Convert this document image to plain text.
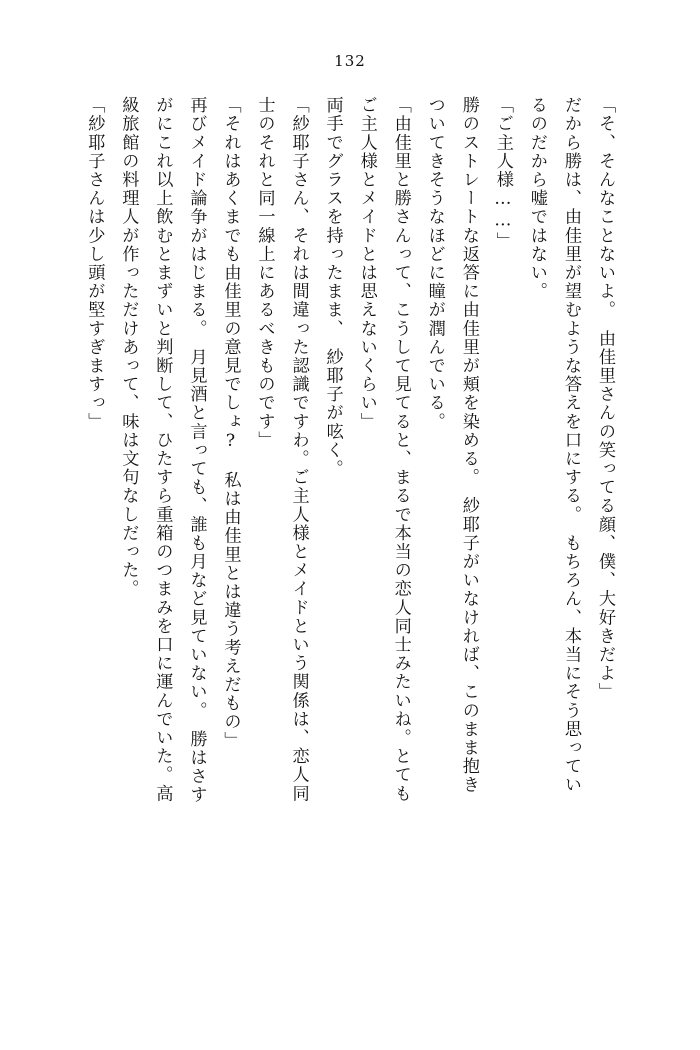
132

「そ、そんなことないよ。　由佳里さんの笑ってる顔、僕、大好きだよ」

だから勝は、由佳里が望むような答えを口にする。　もちろん、本当にそう思ってい

るのだから嘘ではない。

「ご主人様……」

勝のストレートな返答に由佳里が頬を染める。　紗耶子がいなければ、このまま抱き

ついてきそうなほどに瞳が潤んでいる。

「由佳里と勝さんって、こうして見てると、まるで本当の恋人同士みたいね。とても

ご主人様とメイドとは思えないくらい」

両手でグラスを持ったまま、　紗耶子が呟く。

「紗耶子さん、それは間違った認識ですわ。ご主人様とメイドという関係は、恋人同

士のそれと同一線上にあるべきものです」

「それはあくまでも由佳里の意見でしょ?　私は由佳里とは違う考えだもの」

再びメイド論争がはじまる。　月見酒と言っても、誰も月など見ていない。　勝はさす

がにこれ以上飲むとまずいと判断して、ひたすら重箱のつまみを口に運んでいた。高

級旅館の料理人が作っただけあって、味は文句なしだった。

「紗耶子さんは少し頭が堅すぎますっ」
